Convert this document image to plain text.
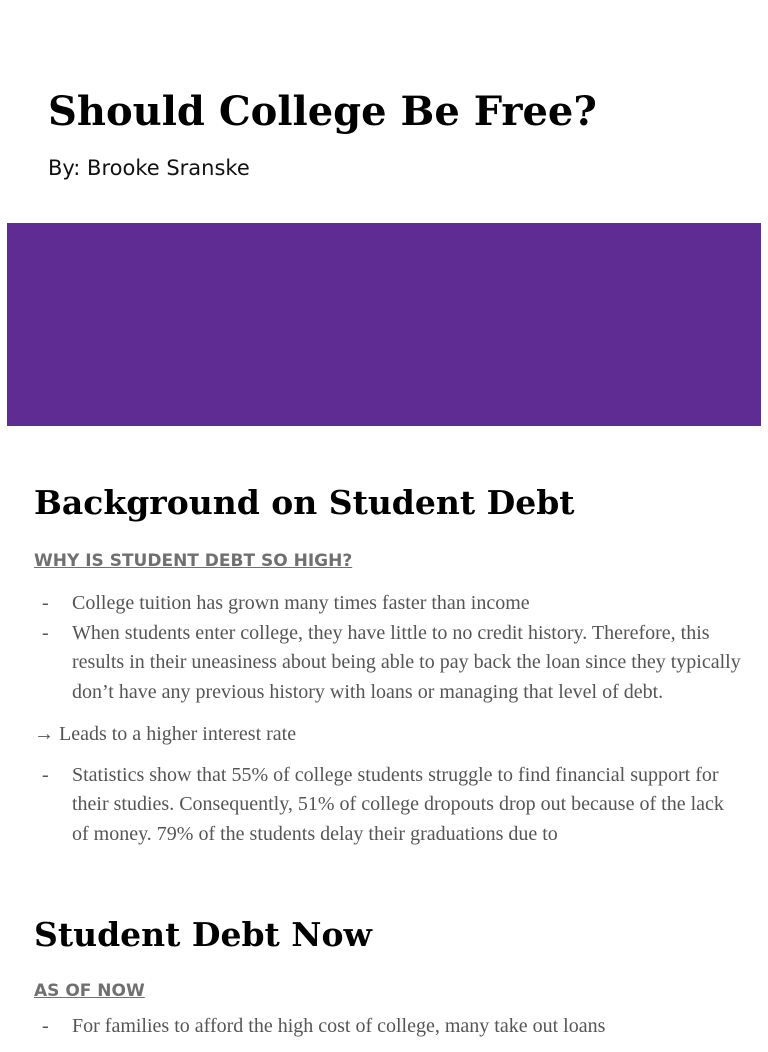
Should College Be Free?
By: Brooke Sranske
Background on Student Debt
WHY IS STUDENT DEBT SO HIGH?
- College tuition has grown many times faster than income
- When students enter college, they have little to no credit history. Therefore, this results in their uneasiness about being able to pay back the loan since they typically don’t have any previous history with loans or managing that level of debt.
→ Leads to a higher interest rate
- Statistics show that 55% of college students struggle to find financial support for their studies. Consequently, 51% of college dropouts drop out because of the lack of money. 79% of the students delay their graduations due to
Student Debt Now
AS OF NOW
- For families to afford the high cost of college, many take out loans
